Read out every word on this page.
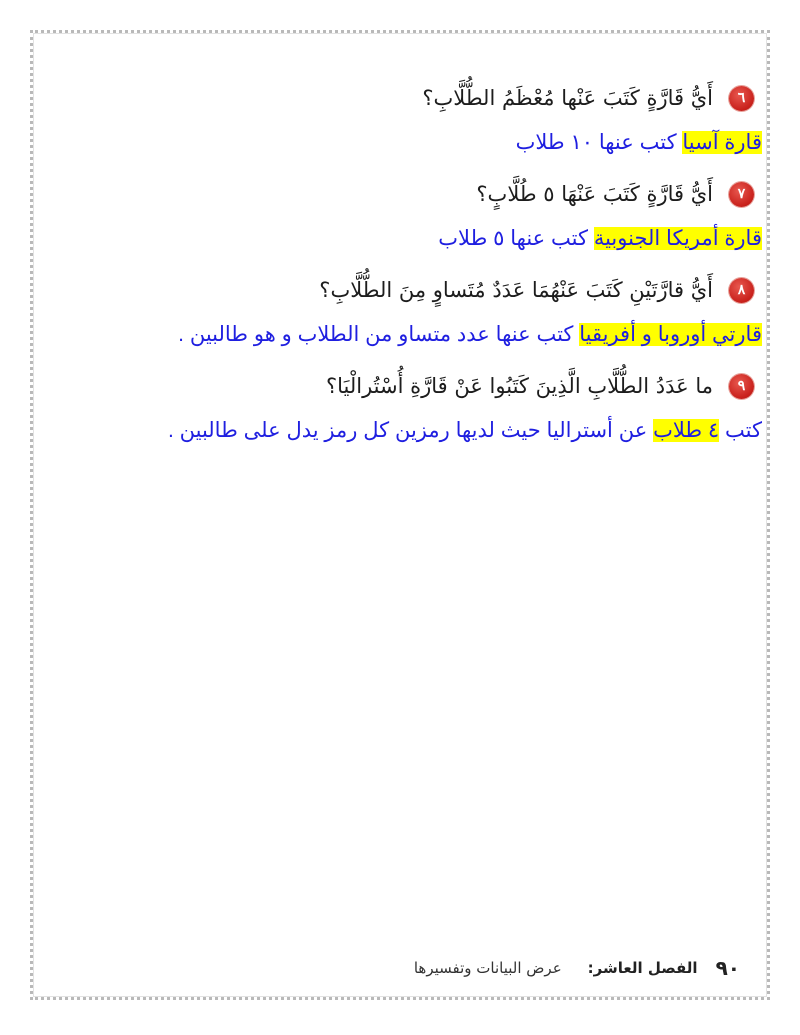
٦
أَيُّ قَارَّةٍ كَتَبَ عَنْها مُعْظَمُ الطُّلَّابِ؟
قارة آسيا كتب عنها ١٠ طلاب
٧
أَيُّ قَارَّةٍ كَتَبَ عَنْهَا ٥ طُلَّابٍ؟
قارة أمريكا الجنوبية كتب عنها ٥ طلاب
٨
أَيُّ قارَّتَيْنِ كَتَبَ عَنْهُمَا عَدَدٌ مُتَساوٍ مِنَ الطُّلَّابِ؟
قارتي أوروبا و أفريقيا كتب عنها عدد متساو من الطلاب و هو طالبين .
٩
ما عَدَدُ الطُّلَّابِ الَّذِينَ كَتَبُوا عَنْ قَارَّةِ أُسْتُرالْيَا؟
كتب ٤ طلاب عن أستراليا حيث لديها رمزين كل رمز يدل على طالبين .
٩٠
الفصل العاشر:
عرض البيانات وتفسيرها
